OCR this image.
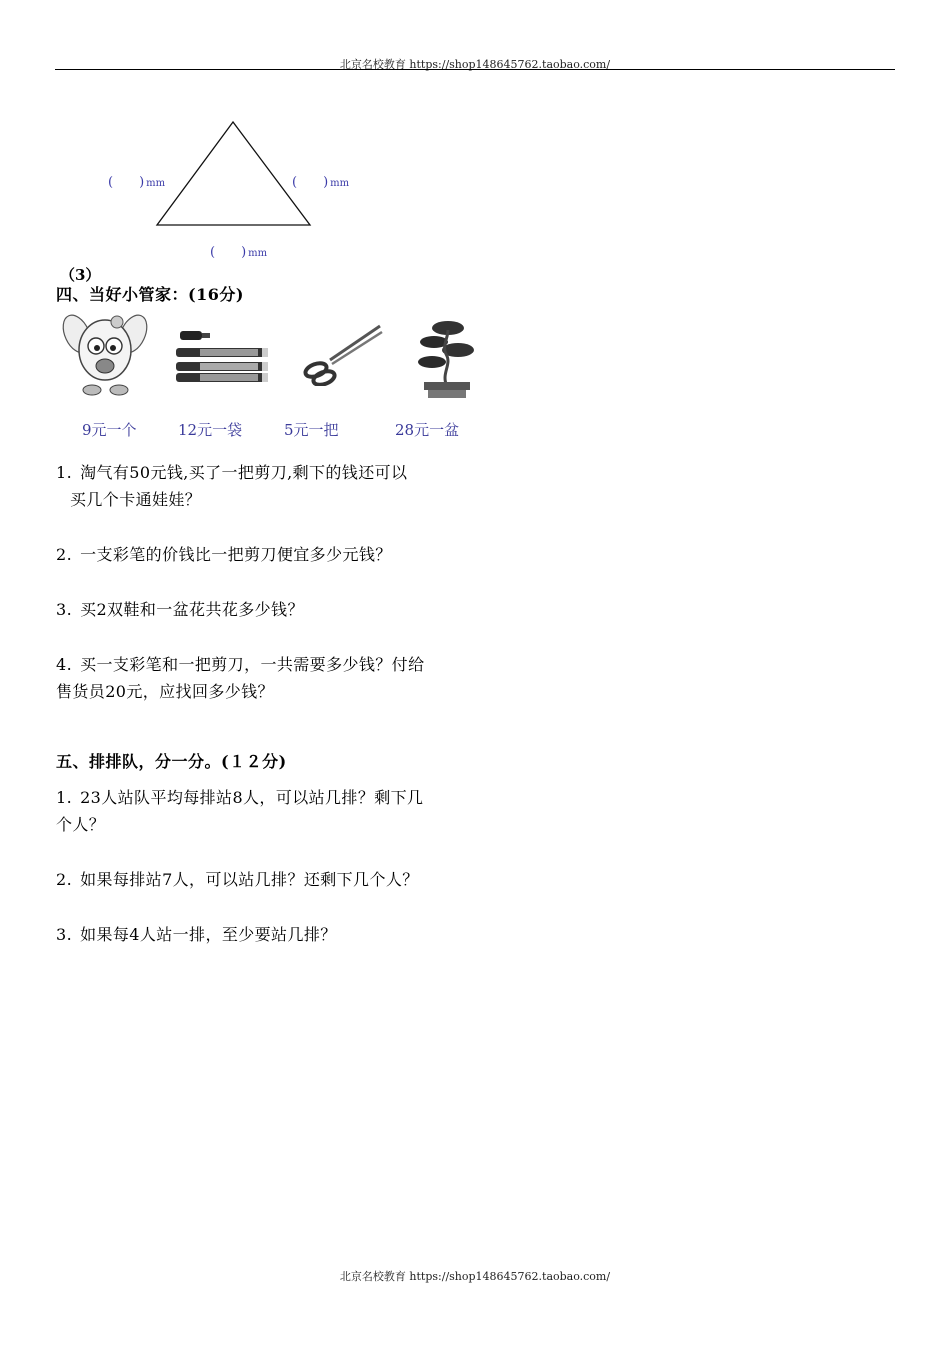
北京名校教育 https://shop148645762.taobao.com/
(　　) mm	(　　) mm
(　　) mm
（3）
四、当好小管家：(16分)
9元一个	12元一袋	5元一把	28元一盆
1. 淘气有50元钱,买了一把剪刀,剩下的钱还可以
买几个卡通娃娃？
2. 一支彩笔的价钱比一把剪刀便宜多少元钱？
3. 买2双鞋和一盆花共花多少钱？
4. 买一支彩笔和一把剪刀，一共需要多少钱？付给
售货员20元，应找回多少钱？
五、排排队，分一分。(１２分)
1. 23人站队平均每排站8人，可以站几排？剩下几
个人？
2. 如果每排站7人，可以站几排？还剩下几个人？
3. 如果每4人站一排，至少要站几排？
北京名校教育 https://shop148645762.taobao.com/
